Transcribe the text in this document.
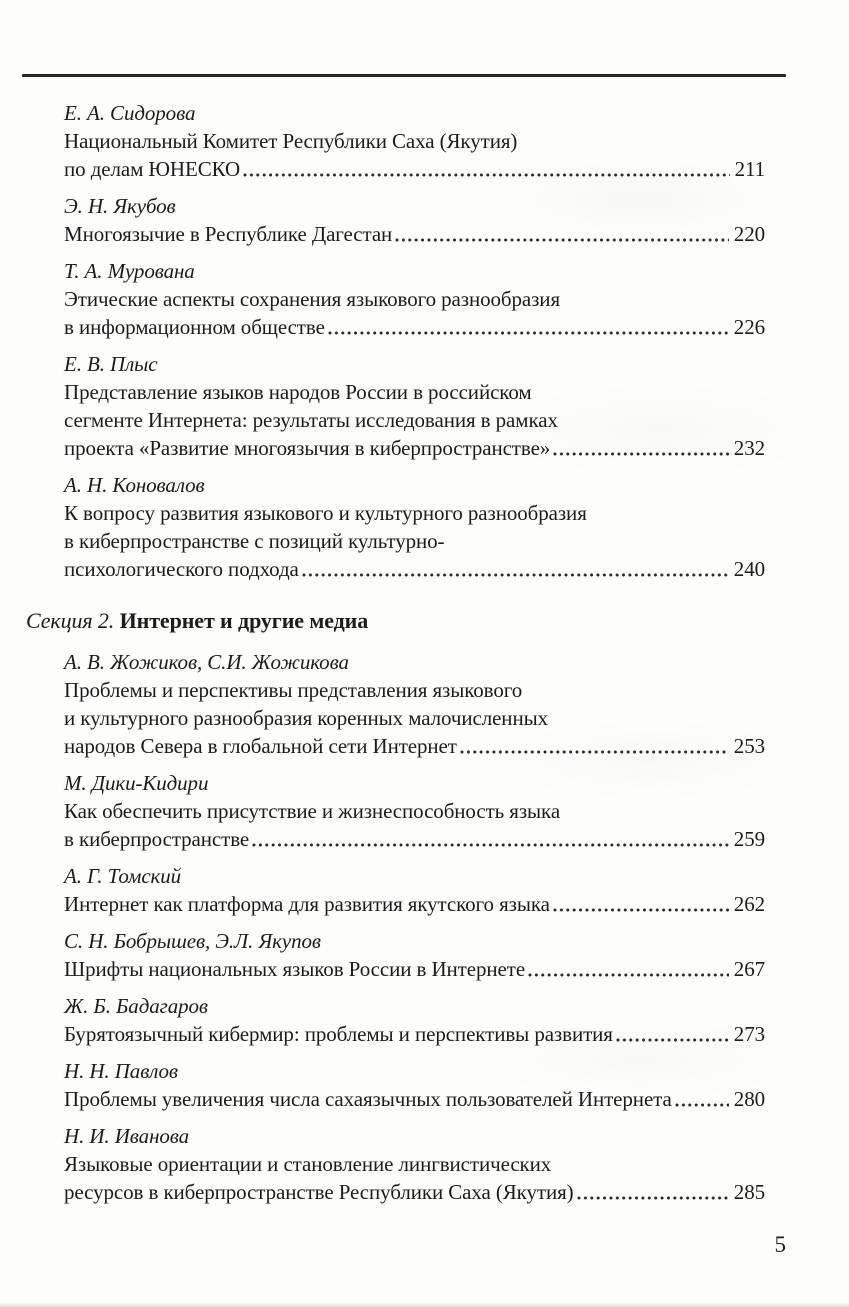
Е. А. Сидорова
Национальный Комитет Республики Саха (Якутия)
по делам ЮНЕСКО	211
Э. Н. Якубов
Многоязычие в Республике Дагестан	220
Т. А. Мурована
Этические аспекты сохранения языкового разнообразия
в информационном обществе	226
Е. В. Плыс
Представление языков народов России в российском
сегменте Интернета: результаты исследования в рамках
проекта «Развитие многоязычия в киберпространстве»	232
А. Н. Коновалов
К вопросу развития языкового и культурного разнообразия
в киберпространстве с позиций культурно-
психологического подхода	240
Секция 2. Интернет и другие медиа
А. В. Жожиков, С.И. Жожикова
Проблемы и перспективы представления языкового
и культурного разнообразия коренных малочисленных
народов Севера в глобальной сети Интернет	253
М. Дики-Кидири
Как обеспечить присутствие и жизнеспособность языка
в киберпространстве	259
А. Г. Томский
Интернет как платформа для развития якутского языка	262
С. Н. Бобрышев, Э.Л. Якупов
Шрифты национальных языков России в Интернете	267
Ж. Б. Бадагаров
Бурятоязычный кибермир: проблемы и перспективы развития	273
Н. Н. Павлов
Проблемы увеличения числа сахаязычных пользователей Интернета	280
Н. И. Иванова
Языковые ориентации и становление лингвистических
ресурсов в киберпространстве Республики Саха (Якутия)	285
5
